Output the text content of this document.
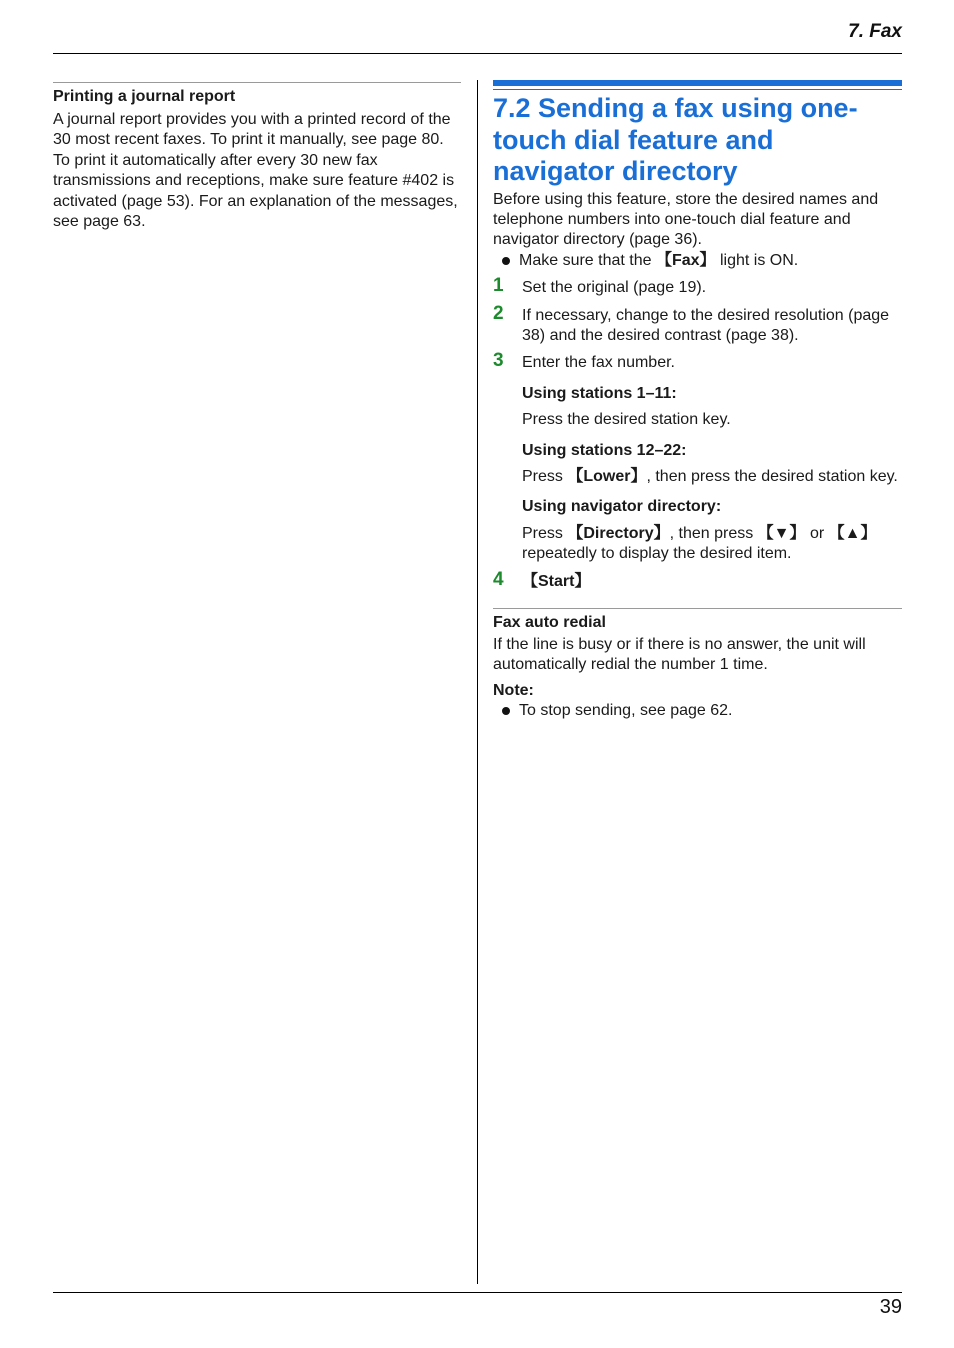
7. Fax
Printing a journal report

A journal report provides you with a printed record of the 30 most recent faxes. To print it manually, see page 80. To print it automatically after every 30 new fax transmissions and receptions, make sure feature #402 is activated (page 53). For an explanation of the messages, see page 63.

7.2 Sending a fax using one-touch dial feature and navigator directory

Before using this feature, store the desired names and telephone numbers into one-touch dial feature and navigator directory (page 36).

Make sure that the 【Fax】 light is ON.
1 Set the original (page 19).
2 If necessary, change to the desired resolution (page 38) and the desired contrast (page 38).
3 Enter the fax number.
Using stations 1–11:
Press the desired station key.
Using stations 12–22:
Press 【Lower】, then press the desired station key.
Using navigator directory:
Press 【Directory】, then press 【▼】 or 【▲】 repeatedly to display the desired item.
4 【Start】
Fax auto redial

If the line is busy or if there is no answer, the unit will automatically redial the number 1 time.

Note:
To stop sending, see page 62.
39
